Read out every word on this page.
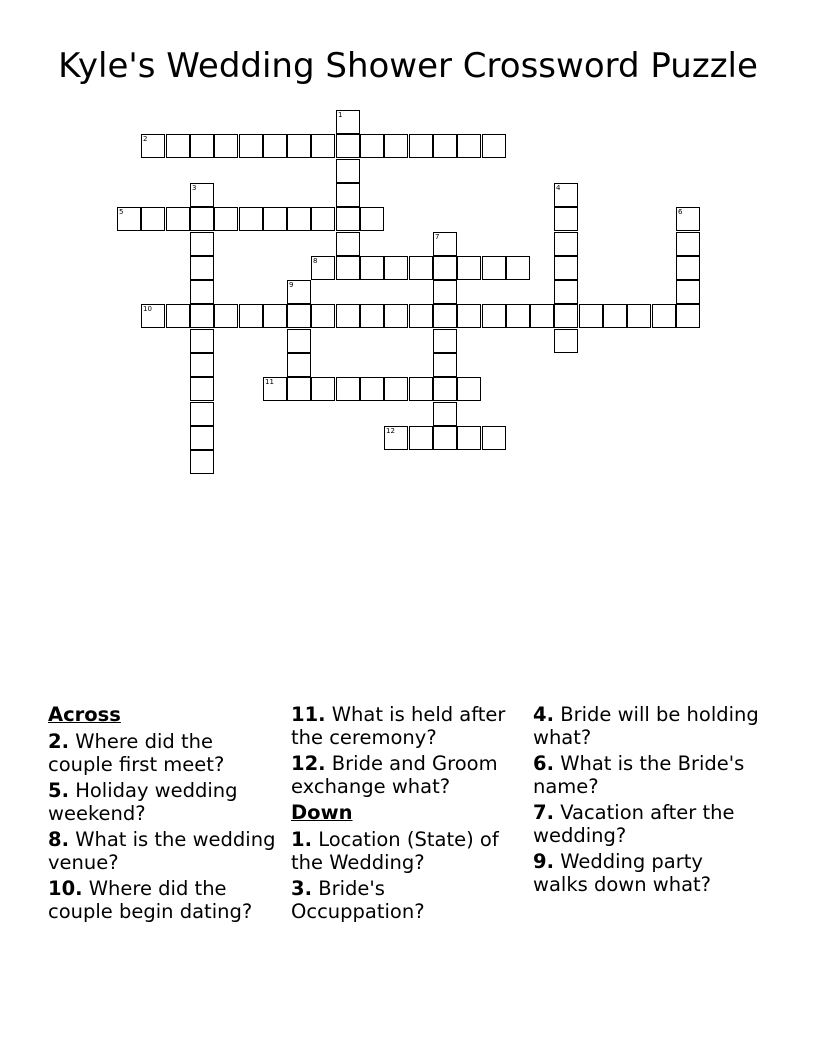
Kyle's Wedding Shower Crossword Puzzle
1
2
3	4
5	6
7
8
9
10
11
12

Across

2. Where did the couple first meet?

5. Holiday wedding weekend?

8. What is the wedding venue?

10. Where did the couple begin dating?

11. What is held after the ceremony?

12. Bride and Groom exchange what?

Down

1. Location (State) of the Wedding?

3. Bride's Occuppation?

4. Bride will be holding what?

6. What is the Bride's name?

7. Vacation after the wedding?

9. Wedding party walks down what?
